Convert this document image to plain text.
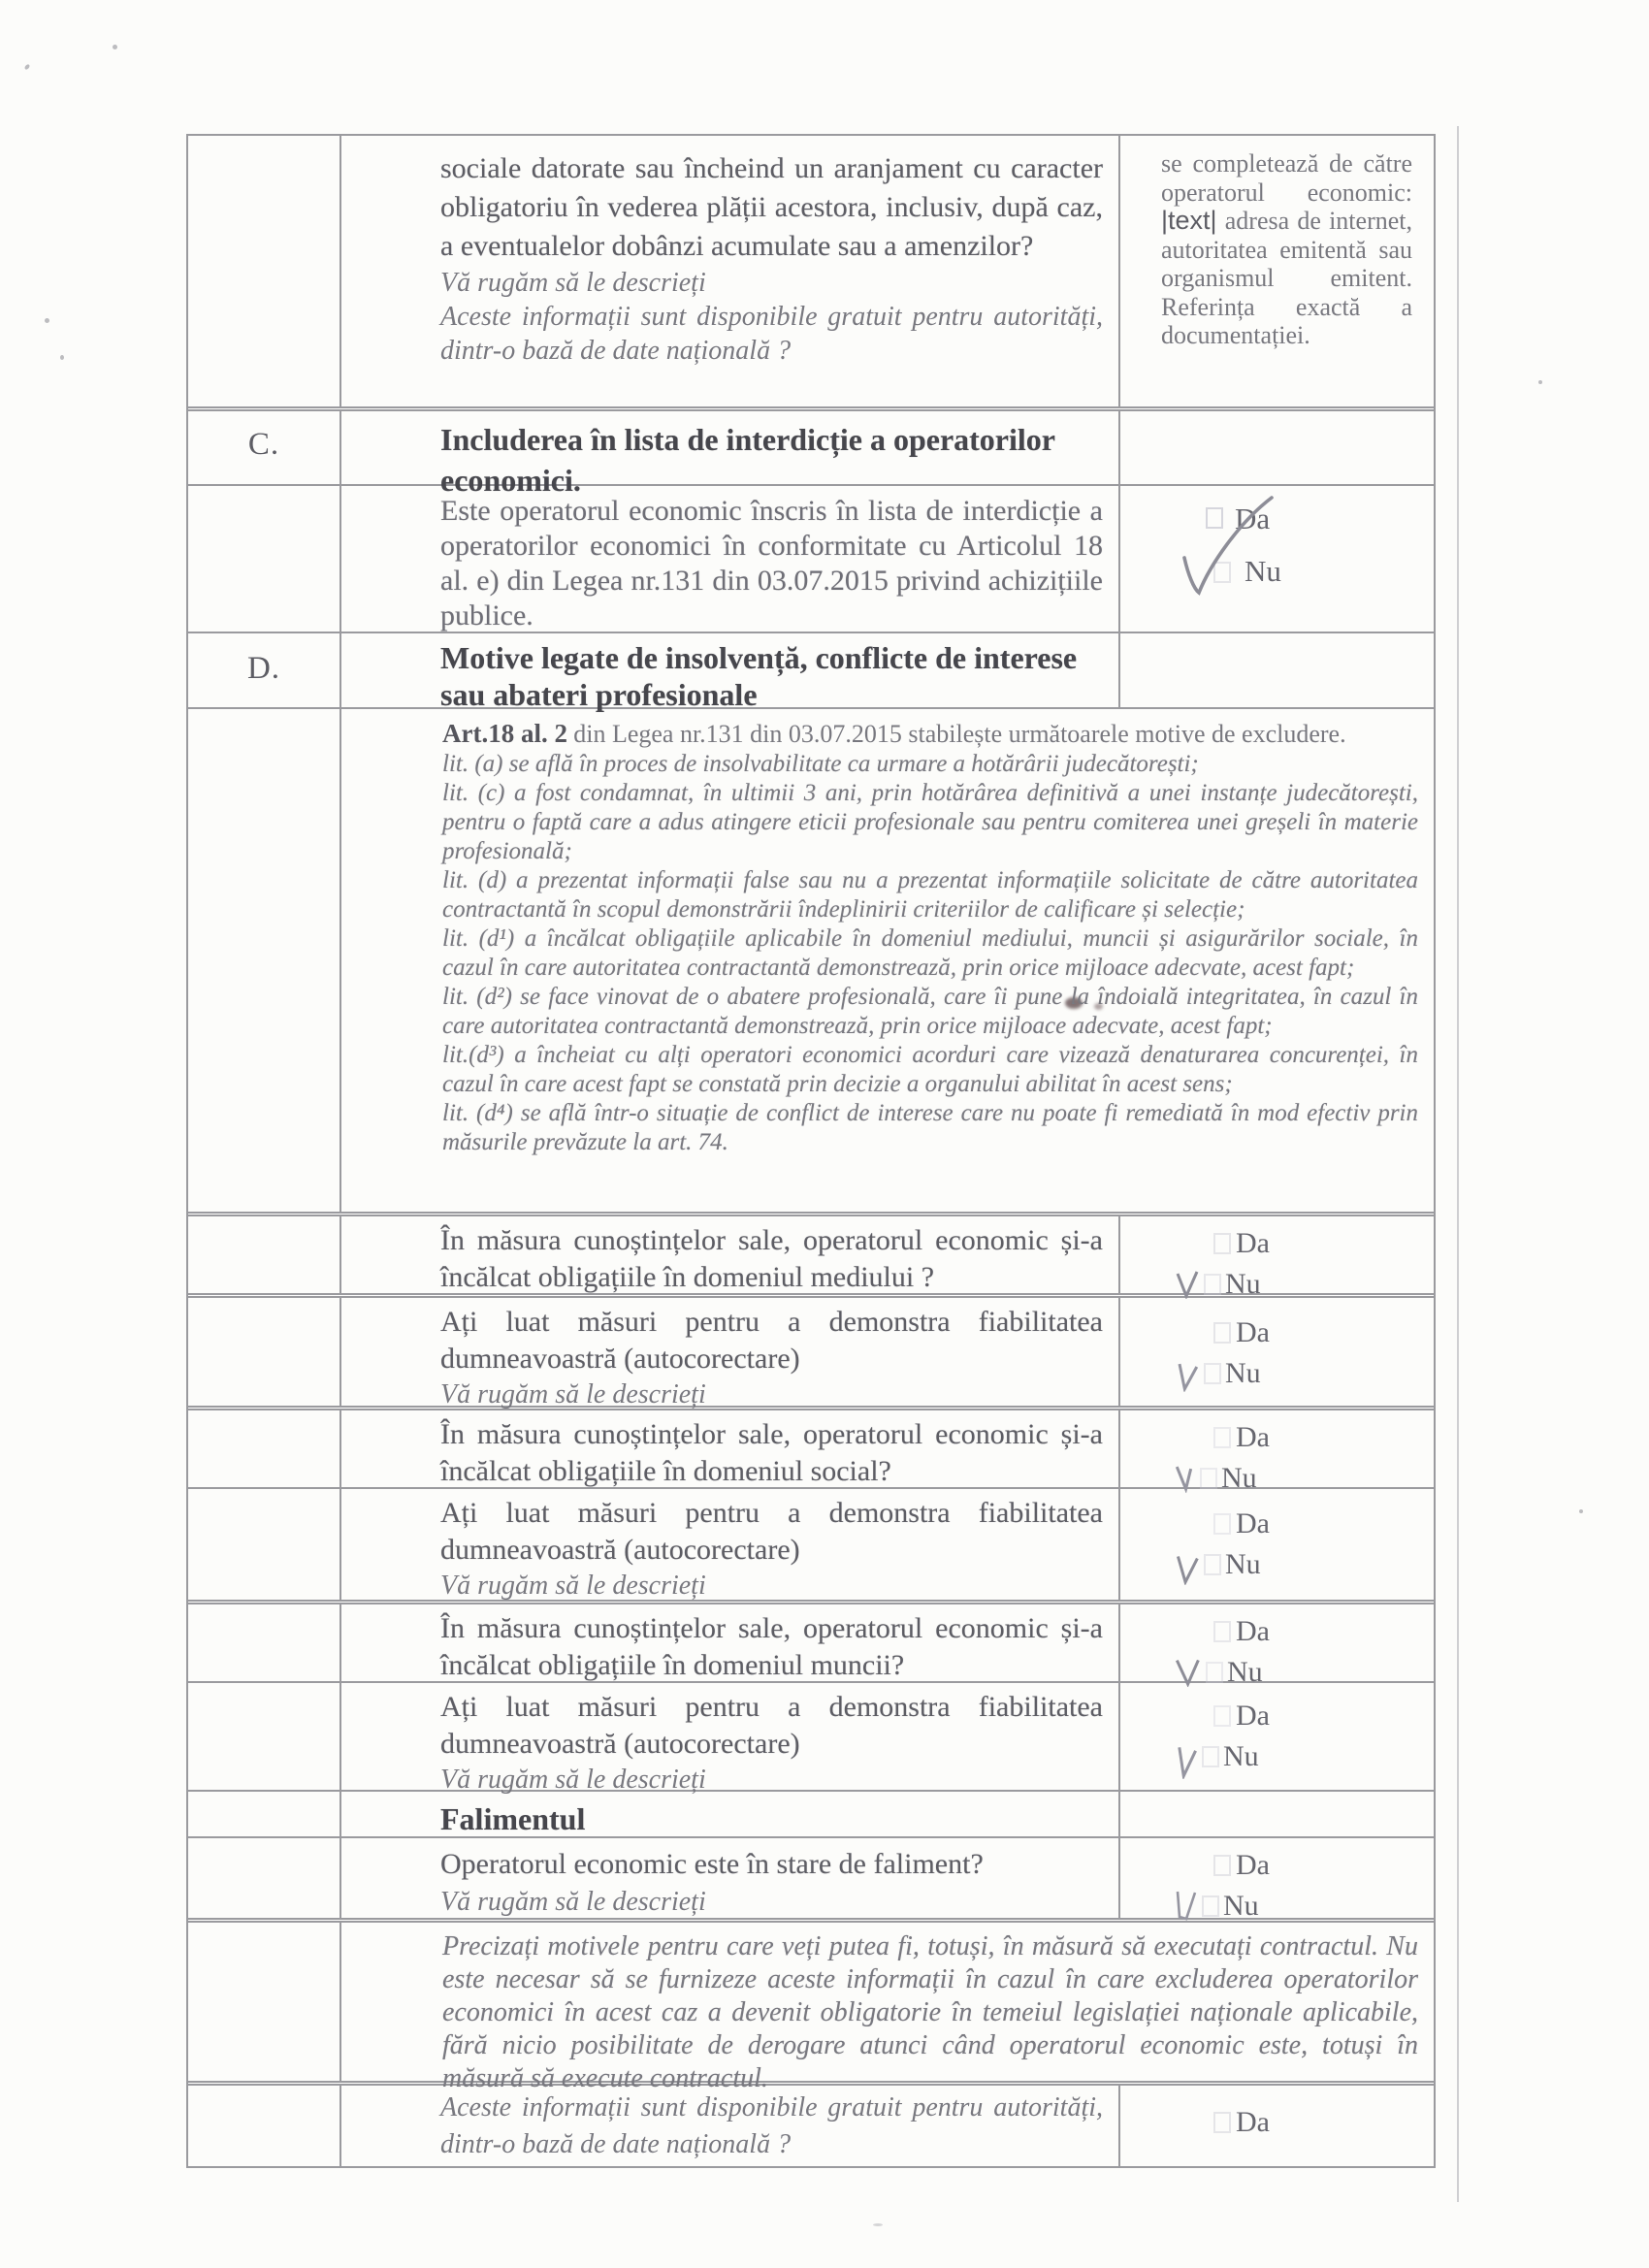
sociale datorate sau încheind un aranjament cu caracter obligatoriu în vederea plății acestora, inclusiv, după caz, a eventualelor dobânzi acumulate sau a amenzilor?
Vă rugăm să le descrieți
Aceste informații sunt disponibile gratuit pentru autorități, dintr-o bază de date națională ?
se completează de către operatorul economic: |text| adresa de internet, autoritatea emitentă sau organismul emitent. Referința exactă a documentației.
C.	Includerea în lista de interdicție a operatorilor economici.
Este operatorul economic înscris în lista de interdicție a operatorilor economici în conformitate cu Articolul 18 al. e) din Legea nr.131 din 03.07.2015 privind achizițiile publice.
Da
Nu
D.	Motive legate de insolvență, conflicte de interese sau abateri profesionale
Art.18 al. 2 din Legea nr.131 din 03.07.2015 stabilește următoarele motive de excludere.
lit. (a) se află în proces de insolvabilitate ca urmare a hotărârii judecătorești;
lit. (c) a fost condamnat, în ultimii 3 ani, prin hotărârea definitivă a unei instanțe judecătorești, pentru o faptă care a adus atingere eticii profesionale sau pentru comiterea unei greșeli în materie profesională;
lit. (d) a prezentat informații false sau nu a prezentat informațiile solicitate de către autoritatea contractantă în scopul demonstrării îndeplinirii criteriilor de calificare și selecție;
lit. (d¹) a încălcat obligațiile aplicabile în domeniul mediului, muncii și asigurărilor sociale, în cazul în care autoritatea contractantă demonstrează, prin orice mijloace adecvate, acest fapt;
lit. (d²) se face vinovat de o abatere profesională, care îi pune la îndoială integritatea, în cazul în care autoritatea contractantă demonstrează, prin orice mijloace adecvate, acest fapt;
lit.(d³) a încheiat cu alți operatori economici acorduri care vizează denaturarea concurenței, în cazul în care acest fapt se constată prin decizie a organului abilitat în acest sens;
lit. (d⁴) se află într-o situație de conflict de interese care nu poate fi remediată în mod efectiv prin măsurile prevăzute la art. 74.
În măsura cunoștințelor sale, operatorul economic și-a încălcat obligațiile în domeniul mediului ?
Da
Nu
Ați luat măsuri pentru a demonstra fiabilitatea dumneavoastră (autocorectare)
Vă rugăm să le descrieți
Da
Nu
În măsura cunoștințelor sale, operatorul economic și-a încălcat obligațiile în domeniul social?
Da
Nu
Ați luat măsuri pentru a demonstra fiabilitatea dumneavoastră (autocorectare)
Vă rugăm să le descrieți
Da
Nu
În măsura cunoștințelor sale, operatorul economic și-a încălcat obligațiile în domeniul muncii?
Da
Nu
Ați luat măsuri pentru a demonstra fiabilitatea dumneavoastră (autocorectare)
Vă rugăm să le descrieți
Da
Nu
Falimentul
Operatorul economic este în stare de faliment?
Vă rugăm să le descrieți
Da
Nu
Precizați motivele pentru care veți putea fi, totuși, în măsură să executați contractul. Nu este necesar să se furnizeze aceste informații în cazul în care excluderea operatorilor economici în acest caz a devenit obligatorie în temeiul legislației naționale aplicabile, fără nicio posibilitate de derogare atunci când operatorul economic este, totuși în măsură să execute contractul.
Aceste informații sunt disponibile gratuit pentru autorități, dintr-o bază de date națională ?
Da
